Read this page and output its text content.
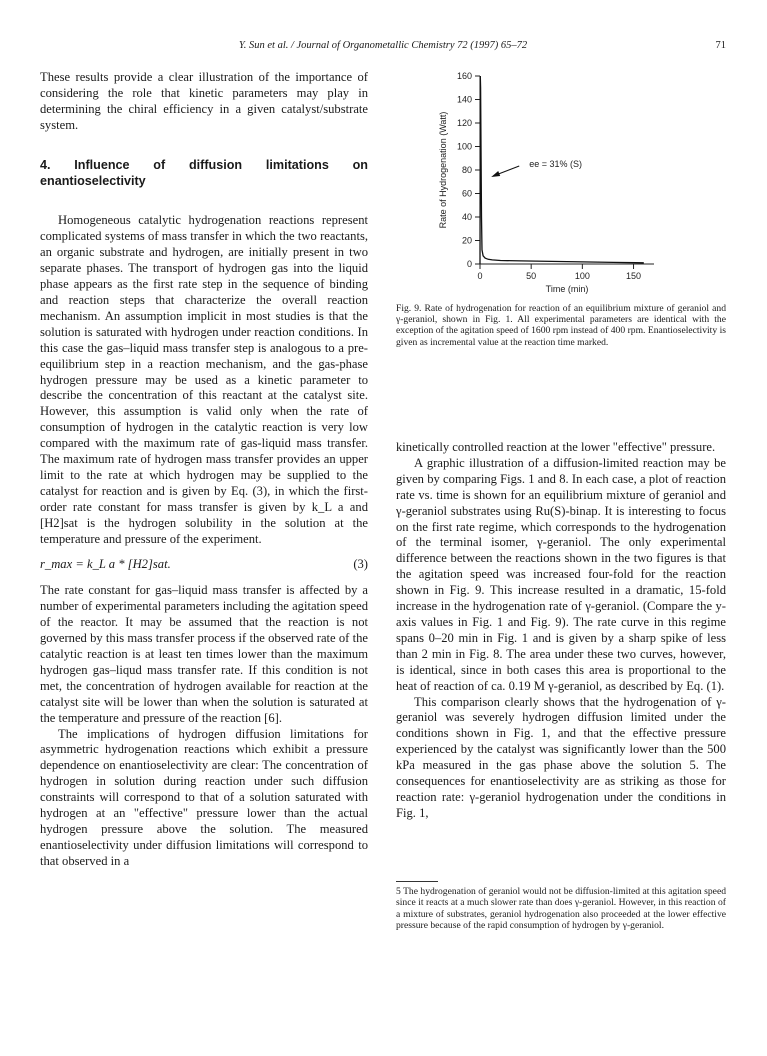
Y. Sun et al. / Journal of Organometallic Chemistry 72 (1997) 65–72	71

These results provide a clear illustration of the importance of considering the role that kinetic parameters may play in determining the chiral efficiency in a given catalyst/substrate system.

4. Influence of diffusion limitations on enantioselectivity

Homogeneous catalytic hydrogenation reactions represent complicated systems of mass transfer in which the two reactants, an organic substrate and hydrogen, are initially present in two separate phases. The transport of hydrogen gas into the liquid phase appears as the first rate step in the sequence of binding and reaction steps that characterize the overall reaction mechanism. An assumption implicit in most studies is that the solution is saturated with hydrogen under reaction conditions. In this case the gas–liquid mass transfer step is analogous to a pre-equilibrium step in a reaction mechanism, and the gas-phase hydrogen pressure may be used as a kinetic parameter to describe the concentration of this reactant at the catalyst site. However, this assumption is valid only when the rate of consumption of hydrogen in the catalytic reaction is very low compared with the maximum rate of gas-liquid mass transfer. The maximum rate of hydrogen mass transfer provides an upper limit to the rate at which hydrogen may be supplied to the catalyst for reaction and is given by Eq. (3), in which the first-order rate constant for mass transfer is given by k_L a and [H2]sat is the hydrogen solubility in the solution at the temperature and pressure of the experiment.

r_max = k_L a * [H2]sat.	(3)

The rate constant for gas–liquid mass transfer is affected by a number of experimental parameters including the agitation speed of the reactor. It may be assumed that the reaction is not governed by this mass transfer process if the observed rate of the catalytic reaction is at least ten times lower than the maximum hydrogen gas–liqud mass transfer rate. If this condition is not met, the concentration of hydrogen available for reaction at the catalyst site will be lower than when the solution is saturated at the temperature and pressure of the reaction [6].

The implications of hydrogen diffusion limitations for asymmetric hydrogenation reactions which exhibit a pressure dependence on enantioselectivity are clear: The concentration of hydrogen in solution during reaction under such diffusion constraints will correspond to that of a solution saturated with hydrogen at an "effective" pressure lower than the actual hydrogen pressure above the solution. The measured enantioselectivity under diffusion limitations will correspond to that observed in a

0
20
40
60
80
100
120
140
160
0	50	100	150
Time (min)
Rate of Hydrogenation (Watt)	ee = 31% (S)
Fig. 9. Rate of hydrogenation for reaction of an equilibrium mixture of geraniol and γ-geraniol, shown in Fig. 1. All experimental parameters are identical with the exception of the agitation speed of 1600 rpm instead of 400 rpm. Enantioselectivity is given as incremental value at the reaction time marked.

kinetically controlled reaction at the lower "effective" pressure.

A graphic illustration of a diffusion-limited reaction may be given by comparing Figs. 1 and 8. In each case, a plot of reaction rate vs. time is shown for an equilibrium mixture of geraniol and γ-geraniol substrates using Ru(S)-binap. It is interesting to focus on the first rate regime, which corresponds to the hydrogenation of the terminal isomer, γ-geraniol. The only experimental difference between the reactions shown in the two figures is that the agitation speed was increased four-fold for the reaction shown in Fig. 9. This increase resulted in a dramatic, 15-fold increase in the hydrogenation rate of γ-geraniol. (Compare the y-axis values in Fig. 1 and Fig. 9). The rate curve in this regime spans 0–20 min in Fig. 1 and is given by a sharp spike of less than 2 min in Fig. 8. The area under these two curves, however, is identical, since in both cases this area is proportional to the heat of reaction of ca. 0.19 M γ-geraniol, as described by Eq. (1).

This comparison clearly shows that the hydrogenation of γ-geraniol was severely hydrogen diffusion limited under the conditions shown in Fig. 1, and that the effective pressure experienced by the catalyst was significantly lower than the 500 kPa measured in the gas phase above the solution 5. The consequences for enantioselectivity are as striking as those for reaction rate: γ-geraniol hydrogenation under the conditions in Fig. 1,

5 The hydrogenation of geraniol would not be diffusion-limited at this agitation speed since it reacts at a much slower rate than does γ-geraniol. However, in this reaction of a mixture of substrates, geraniol hydrogenation also proceeded at the lower effective pressure because of the rapid consumption of hydrogen by γ-geraniol.
